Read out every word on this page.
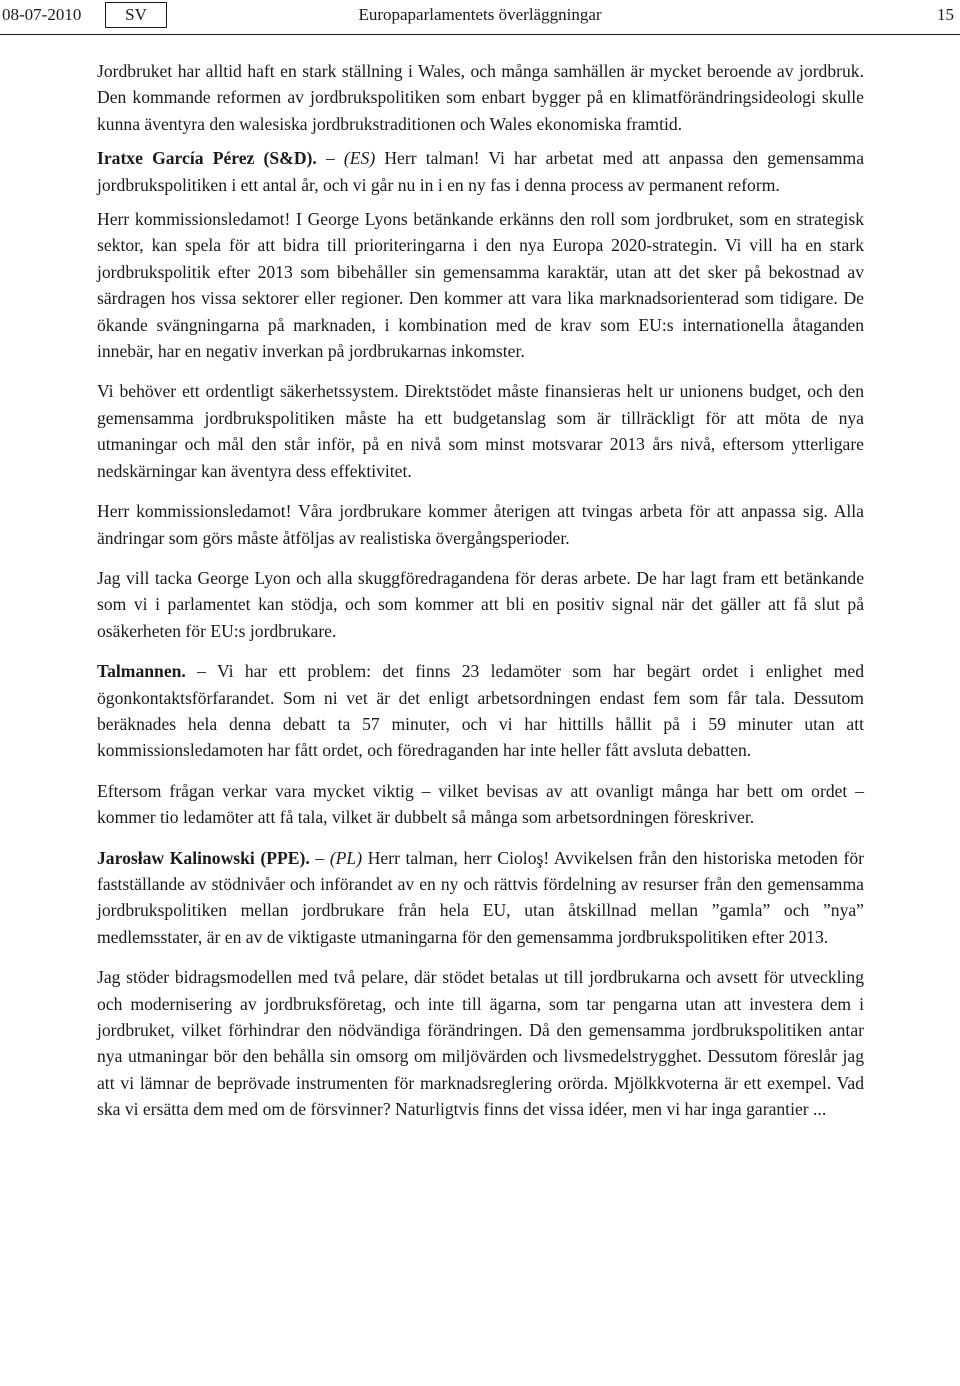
Europaparlamentets överläggningar
08-07-2010	SV	15

Jordbruket har alltid haft en stark ställning i Wales, och många samhällen är mycket beroende av jordbruk. Den kommande reformen av jordbrukspolitiken som enbart bygger på en klimatförändringsideologi skulle kunna äventyra den walesiska jordbrukstraditionen och Wales ekonomiska framtid.

Iratxe García Pérez (S&D). – (ES) Herr talman! Vi har arbetat med att anpassa den gemensamma jordbrukspolitiken i ett antal år, och vi går nu in i en ny fas i denna process av permanent reform.

Herr kommissionsledamot! I George Lyons betänkande erkänns den roll som jordbruket, som en strategisk sektor, kan spela för att bidra till prioriteringarna i den nya Europa 2020-strategin. Vi vill ha en stark jordbrukspolitik efter 2013 som bibehåller sin gemensamma karaktär, utan att det sker på bekostnad av särdragen hos vissa sektorer eller regioner. Den kommer att vara lika marknadsorienterad som tidigare. De ökande svängningarna på marknaden, i kombination med de krav som EU:s internationella åtaganden innebär, har en negativ inverkan på jordbrukarnas inkomster.

Vi behöver ett ordentligt säkerhetssystem. Direktstödet måste finansieras helt ur unionens budget, och den gemensamma jordbrukspolitiken måste ha ett budgetanslag som är tillräckligt för att möta de nya utmaningar och mål den står inför, på en nivå som minst motsvarar 2013 års nivå, eftersom ytterligare nedskärningar kan äventyra dess effektivitet.

Herr kommissionsledamot! Våra jordbrukare kommer återigen att tvingas arbeta för att anpassa sig. Alla ändringar som görs måste åtföljas av realistiska övergångsperioder.

Jag vill tacka George Lyon och alla skuggföredragandena för deras arbete. De har lagt fram ett betänkande som vi i parlamentet kan stödja, och som kommer att bli en positiv signal när det gäller att få slut på osäkerheten för EU:s jordbrukare.

Talmannen. – Vi har ett problem: det finns 23 ledamöter som har begärt ordet i enlighet med ögonkontaktsförfarandet. Som ni vet är det enligt arbetsordningen endast fem som får tala. Dessutom beräknades hela denna debatt ta 57 minuter, och vi har hittills hållit på i 59 minuter utan att kommissionsledamoten har fått ordet, och föredraganden har inte heller fått avsluta debatten.

Eftersom frågan verkar vara mycket viktig – vilket bevisas av att ovanligt många har bett om ordet – kommer tio ledamöter att få tala, vilket är dubbelt så många som arbetsordningen föreskriver.

Jarosław Kalinowski (PPE). – (PL) Herr talman, herr Cioloş! Avvikelsen från den historiska metoden för fastställande av stödnivåer och införandet av en ny och rättvis fördelning av resurser från den gemensamma jordbrukspolitiken mellan jordbrukare från hela EU, utan åtskillnad mellan ”gamla” och ”nya” medlemsstater, är en av de viktigaste utmaningarna för den gemensamma jordbrukspolitiken efter 2013.

Jag stöder bidragsmodellen med två pelare, där stödet betalas ut till jordbrukarna och avsett för utveckling och modernisering av jordbruksföretag, och inte till ägarna, som tar pengarna utan att investera dem i jordbruket, vilket förhindrar den nödvändiga förändringen. Då den gemensamma jordbrukspolitiken antar nya utmaningar bör den behålla sin omsorg om miljövärden och livsmedelstrygghet. Dessutom föreslår jag att vi lämnar de beprövade instrumenten för marknadsreglering orörda. Mjölkkvoterna är ett exempel. Vad ska vi ersätta dem med om de försvinner? Naturligtvis finns det vissa idéer, men vi har inga garantier ...
